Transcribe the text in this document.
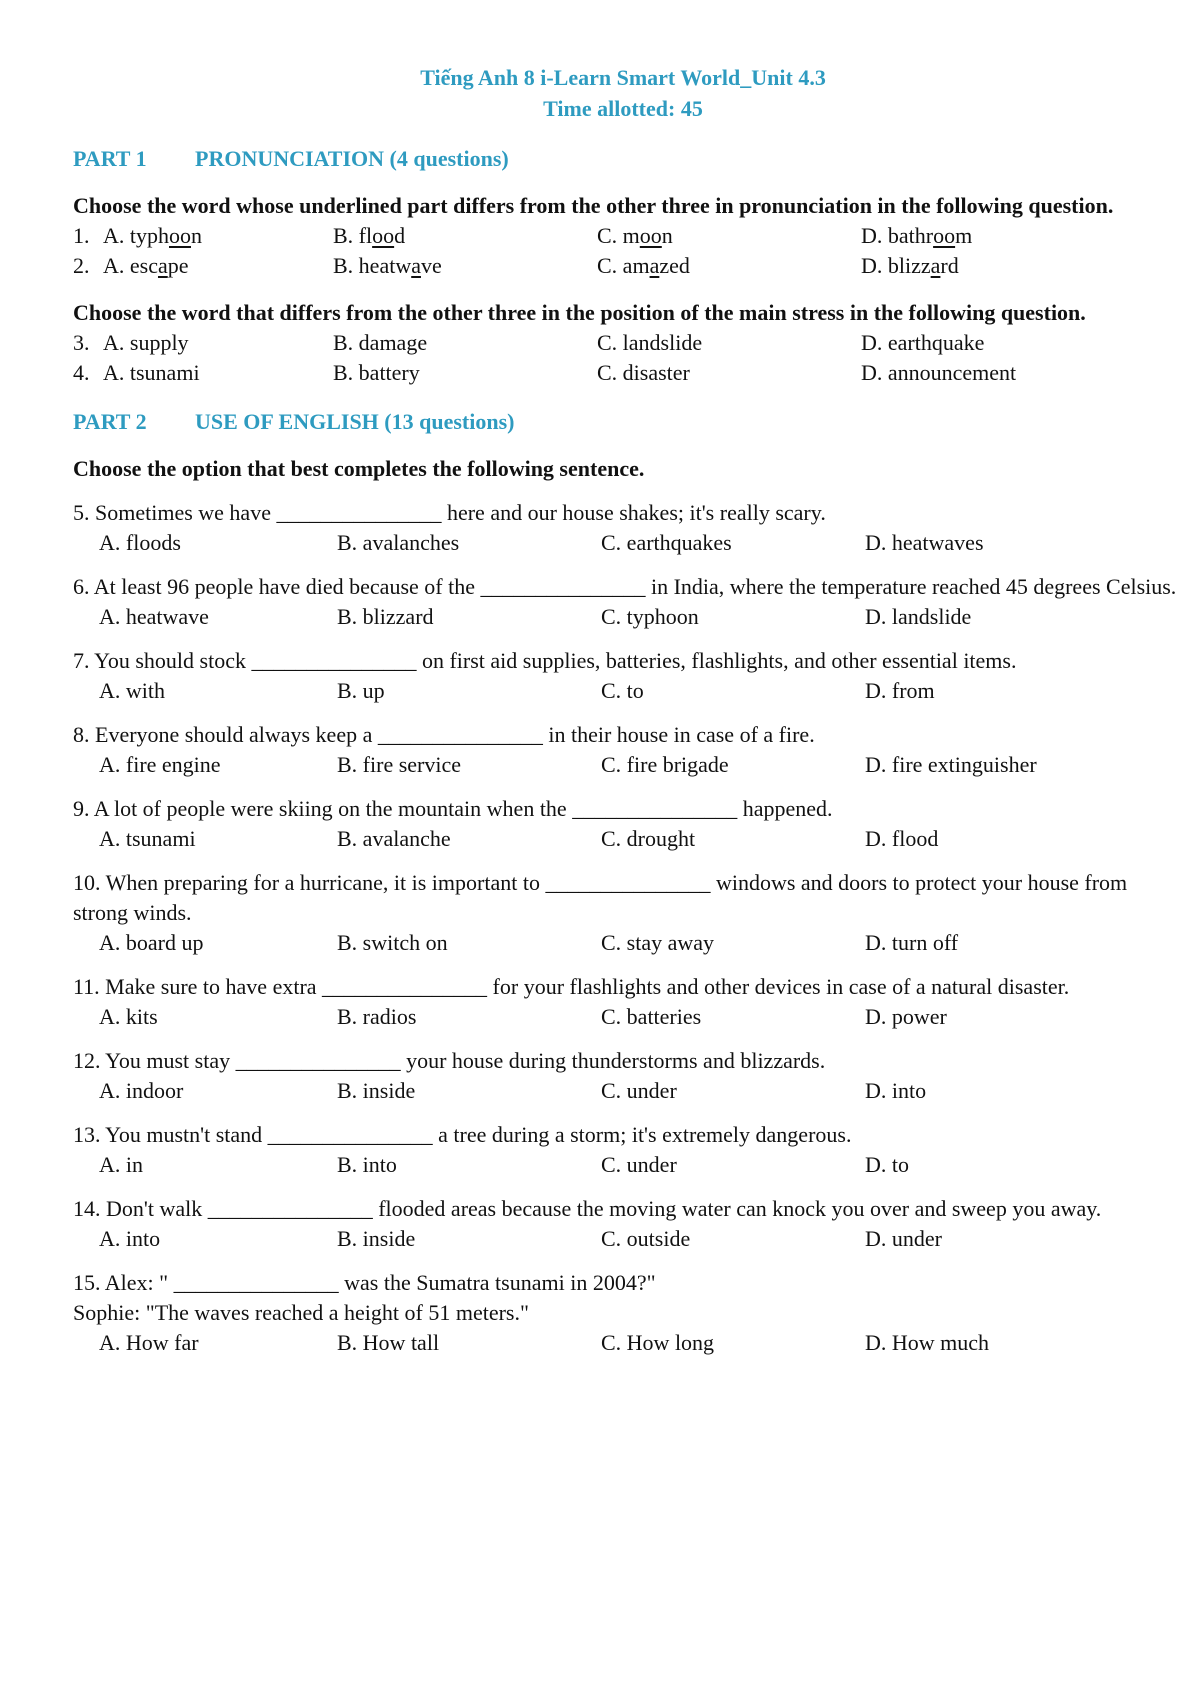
Tiếng Anh 8 i-Learn Smart World_Unit 4.3
Time allotted: 45
PART 1 PRONUNCIATION (4 questions)
Choose the word whose underlined part differs from the other three in pronunciation in the following question.
1. A. typhoon	B. flood	C. moon	D. bathroom
2. A. escape	B. heatwave	C. amazed	D. blizzard
Choose the word that differs from the other three in the position of the main stress in the following question.
3. A. supply	B. damage	C. landslide	D. earthquake
4. A. tsunami	B. battery	C. disaster	D. announcement
PART 2 USE OF ENGLISH (13 questions)
Choose the option that best completes the following sentence.
5. Sometimes we have _______________ here and our house shakes; it's really scary.
A. floods	B. avalanches	C. earthquakes	D. heatwaves
6. At least 96 people have died because of the _______________ in India, where the temperature reached 45 degrees Celsius.
A. heatwave	B. blizzard	C. typhoon	D. landslide
7. You should stock _______________ on first aid supplies, batteries, flashlights, and other essential items.
A. with	B. up	C. to	D. from
8. Everyone should always keep a _______________ in their house in case of a fire.
A. fire engine	B. fire service	C. fire brigade	D. fire extinguisher
9. A lot of people were skiing on the mountain when the _______________ happened.
A. tsunami	B. avalanche	C. drought	D. flood
10. When preparing for a hurricane, it is important to _______________ windows and doors to protect your house from strong winds.
A. board up	B. switch on	C. stay away	D. turn off
11. Make sure to have extra _______________ for your flashlights and other devices in case of a natural disaster.
A. kits	B. radios	C. batteries	D. power
12. You must stay _______________ your house during thunderstorms and blizzards.
A. indoor	B. inside	C. under	D. into
13. You mustn't stand _______________ a tree during a storm; it's extremely dangerous.
A. in	B. into	C. under	D. to
14. Don't walk _______________ flooded areas because the moving water can knock you over and sweep you away.
A. into	B. inside	C. outside	D. under
15. Alex: " _______________ was the Sumatra tsunami in 2004?"
Sophie: "The waves reached a height of 51 meters."
A. How far	B. How tall	C. How long	D. How much
